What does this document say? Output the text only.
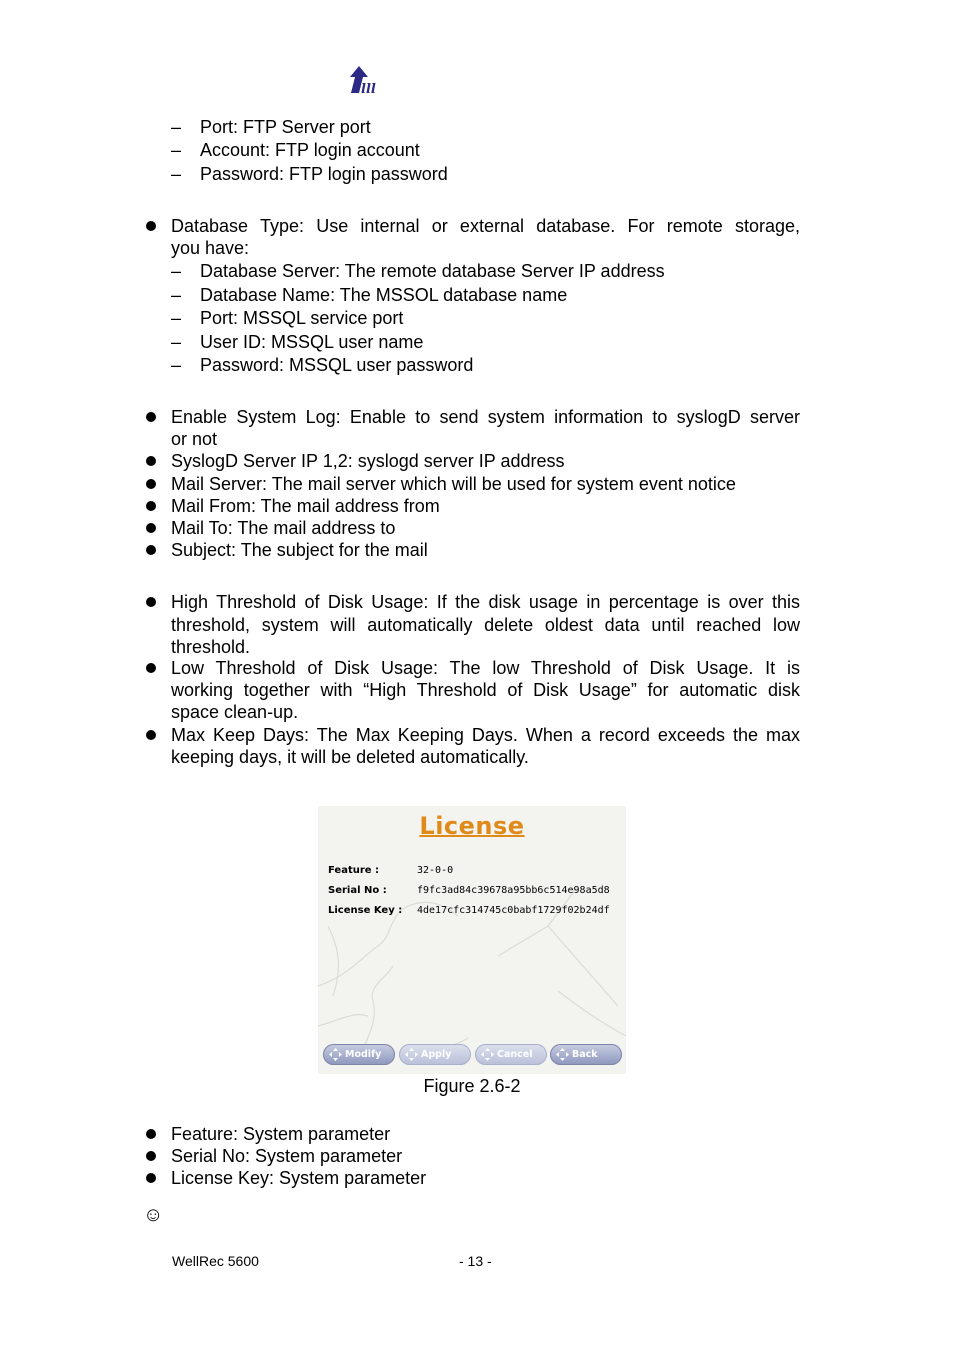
lll
– Port: FTP Server port
– Account: FTP login account
– Password: FTP login password
Database Type: Use internal or external database. For remote storage,
you have:
– Database Server: The remote database Server IP address
– Database Name: The MSSOL database name
– Port: MSSQL service port
– User ID: MSSQL user name
– Password: MSSQL user password
Enable System Log: Enable to send system information to syslogD server
or not
SyslogD Server IP 1,2: syslogd server IP address
Mail Server: The mail server which will be used for system event notice
Mail From: The mail address from
Mail To: The mail address to
Subject: The subject for the mail
High Threshold of Disk Usage: If the disk usage in percentage is over this
threshold, system will automatically delete oldest data until reached low
threshold.
Low Threshold of Disk Usage: The low Threshold of Disk Usage. It is
working together with “High Threshold of Disk Usage” for automatic disk
space clean-up.
Max Keep Days: The Max Keeping Days. When a record exceeds the max
keeping days, it will be deleted automatically.
License
Feature :	32-0-0
Serial No :	f9fc3ad84c39678a95bb6c514e98a5d8
License Key : 4de17cfc314745c0babf1729f02b24df
Modify	Apply	Cancel	Back
Figure 2.6-2
Feature: System parameter
Serial No: System parameter
License Key: System parameter
☺
WellRec 5600	- 13 -
